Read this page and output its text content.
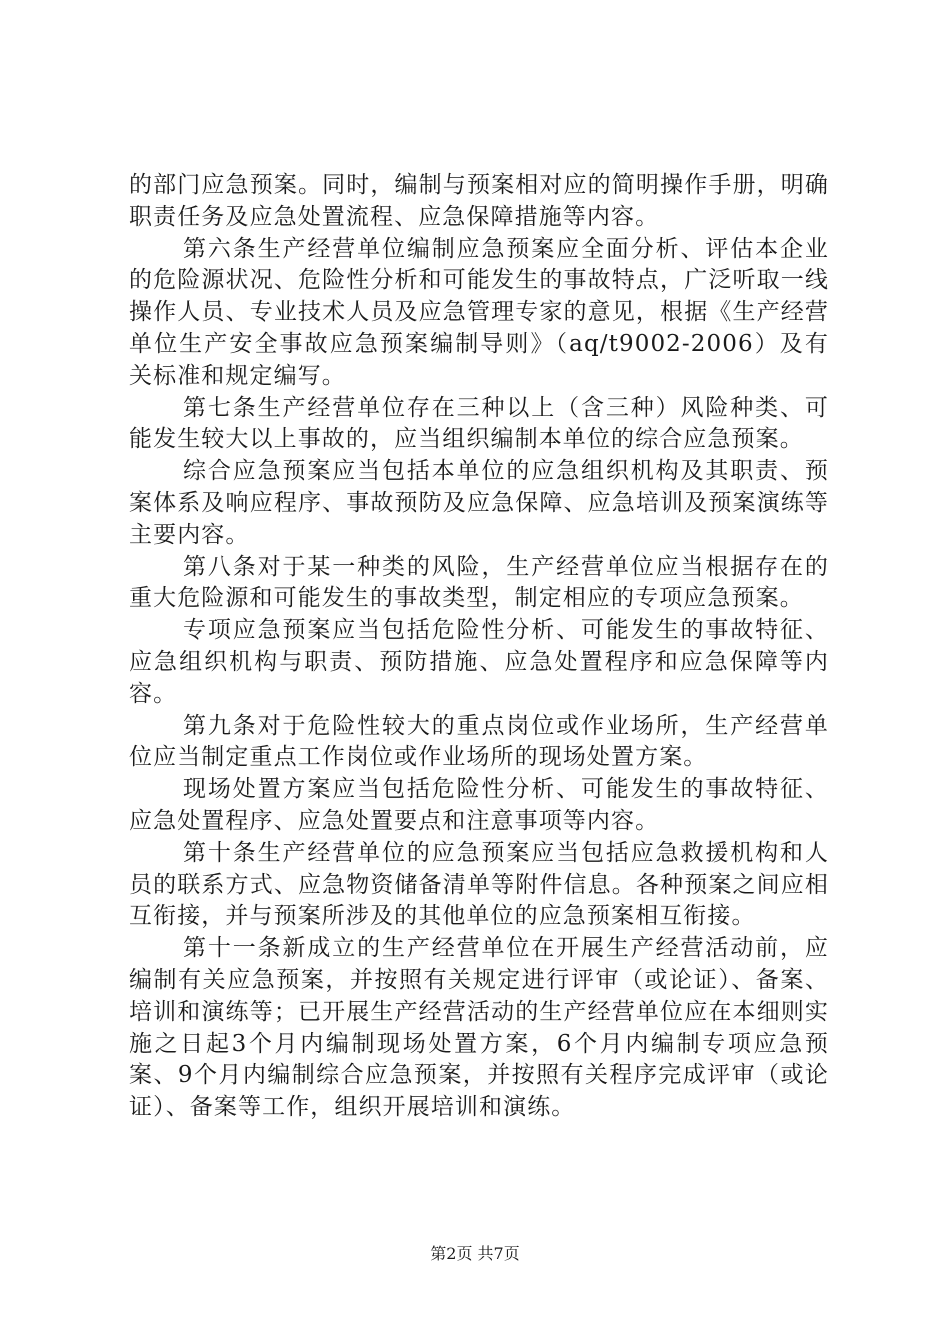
的部门应急预案。同时，编制与预案相对应的简明操作手册，明确职责任务及应急处置流程、应急保障措施等内容。

第六条生产经营单位编制应急预案应全面分析、评估本企业的危险源状况、危险性分析和可能发生的事故特点，广泛听取一线操作人员、专业技术人员及应急管理专家的意见，根据《生产经营单位生产安全事故应急预案编制导则》（aq/t9002-2006）及有关标准和规定编写。

第七条生产经营单位存在三种以上（含三种）风险种类、可能发生较大以上事故的，应当组织编制本单位的综合应急预案。

综合应急预案应当包括本单位的应急组织机构及其职责、预案体系及响应程序、事故预防及应急保障、应急培训及预案演练等主要内容。

第八条对于某一种类的风险，生产经营单位应当根据存在的重大危险源和可能发生的事故类型，制定相应的专项应急预案。

专项应急预案应当包括危险性分析、可能发生的事故特征、应急组织机构与职责、预防措施、应急处置程序和应急保障等内容。

第九条对于危险性较大的重点岗位或作业场所，生产经营单位应当制定重点工作岗位或作业场所的现场处置方案。

现场处置方案应当包括危险性分析、可能发生的事故特征、应急处置程序、应急处置要点和注意事项等内容。

第十条生产经营单位的应急预案应当包括应急救援机构和人员的联系方式、应急物资储备清单等附件信息。各种预案之间应相互衔接，并与预案所涉及的其他单位的应急预案相互衔接。

第十一条新成立的生产经营单位在开展生产经营活动前，应编制有关应急预案，并按照有关规定进行评审（或论证）、备案、培训和演练等；已开展生产经营活动的生产经营单位应在本细则实施之日起3个月内编制现场处置方案，6个月内编制专项应急预案、9个月内编制综合应急预案，并按照有关程序完成评审（或论证）、备案等工作，组织开展培训和演练。

第2页 共7页
